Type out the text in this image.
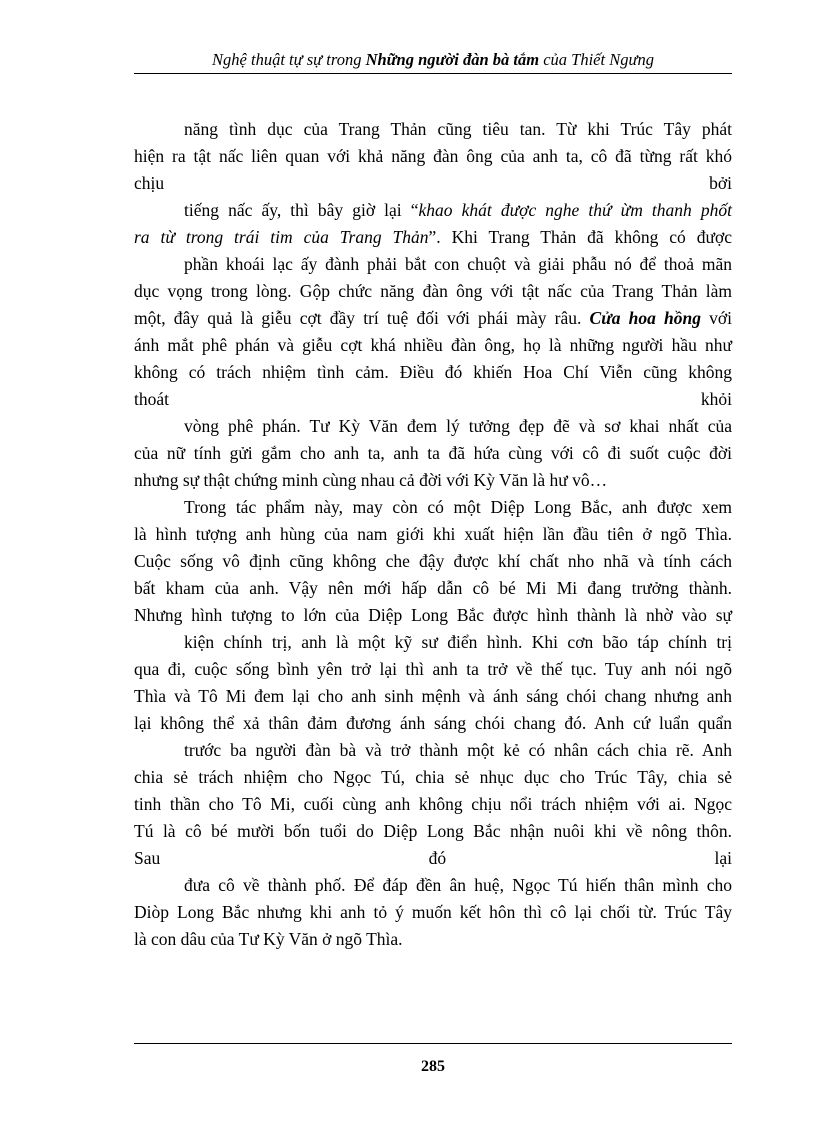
Nghệ thuật tự sự trong Những người đàn bà tắm của Thiết Ngưng
năng tình dục của Trang Thản cũng tiêu tan. Từ khi Trúc Tây phát
hiện ra tật nấc liên quan với khả năng đàn ông của anh ta, cô đã từng rất khó
chịu	bởi
tiếng nấc ấy, thì bây giờ lại “khao khát được nghe thứ ừm thanh phốt
ra từ trong trái tim của Trang Thản”. Khi Trang Thản đã không có được
phần khoái lạc ấy đành phải bắt con chuột và giải phẫu nó để thoả mãn
dục vọng trong lòng. Gộp chức năng đàn ông với tật nấc của Trang Thản làm
một, đây quả là giễu cợt đầy trí tuệ đối với phái mày râu. Cửa hoa hồng với
ánh mắt phê phán và giễu cợt khá nhiều đàn ông, họ là những người hầu như
không có trách nhiệm tình cảm. Điều đó khiến Hoa Chí Viễn cũng không
thoát	khỏi
vòng phê phán. Tư Kỳ Văn đem lý tưởng đẹp đẽ và sơ khai nhất của
của nữ tính gửi gắm cho anh ta, anh ta đã hứa cùng với cô đi suốt cuộc đời
nhưng sự thật chứng minh cùng nhau cả đời với Kỳ Văn là hư vô…
Trong tác phẩm này, may còn có một Diệp Long Bắc, anh được xem
là hình tượng anh hùng của nam giới khi xuất hiện lần đầu tiên ở ngõ Thìa.
Cuộc sống vô định cũng không che đậy được khí chất nho nhã và tính cách
bất kham của anh. Vậy nên mới hấp dẫn cô bé Mi Mi đang trưởng thành.
Nhưng hình tượng to lớn của Diệp Long Bắc được hình thành là nhờ vào sự
kiện chính trị, anh là một kỹ sư điển hình. Khi cơn bão táp chính trị
qua đi, cuộc sống bình yên trở lại thì anh ta trở về thế tục. Tuy anh nói ngõ
Thìa và Tô Mi đem lại cho anh sinh mệnh và ánh sáng chói chang nhưng anh
lại không thể xả thân đảm đương ánh sáng chói chang đó. Anh cứ luẩn quẩn
trước ba người đàn bà và trở thành một kẻ có nhân cách chia rẽ. Anh
chia sẻ trách nhiệm cho Ngọc Tú, chia sẻ nhục dục cho Trúc Tây, chia sẻ
tinh thần cho Tô Mi, cuối cùng anh không chịu nổi trách nhiệm với ai. Ngọc
Tú là cô bé mười bốn tuổi do Diệp Long Bắc nhận nuôi khi về nông thôn.
Sau	đó	lại
đưa cô về thành phố. Để đáp đền ân huệ, Ngọc Tú hiến thân mình cho
Diòp Long Bắc nhưng khi anh tỏ ý muốn kết hôn thì cô lại chối từ. Trúc Tây
là con dâu của Tư Kỳ Văn ở ngõ Thìa.
285
